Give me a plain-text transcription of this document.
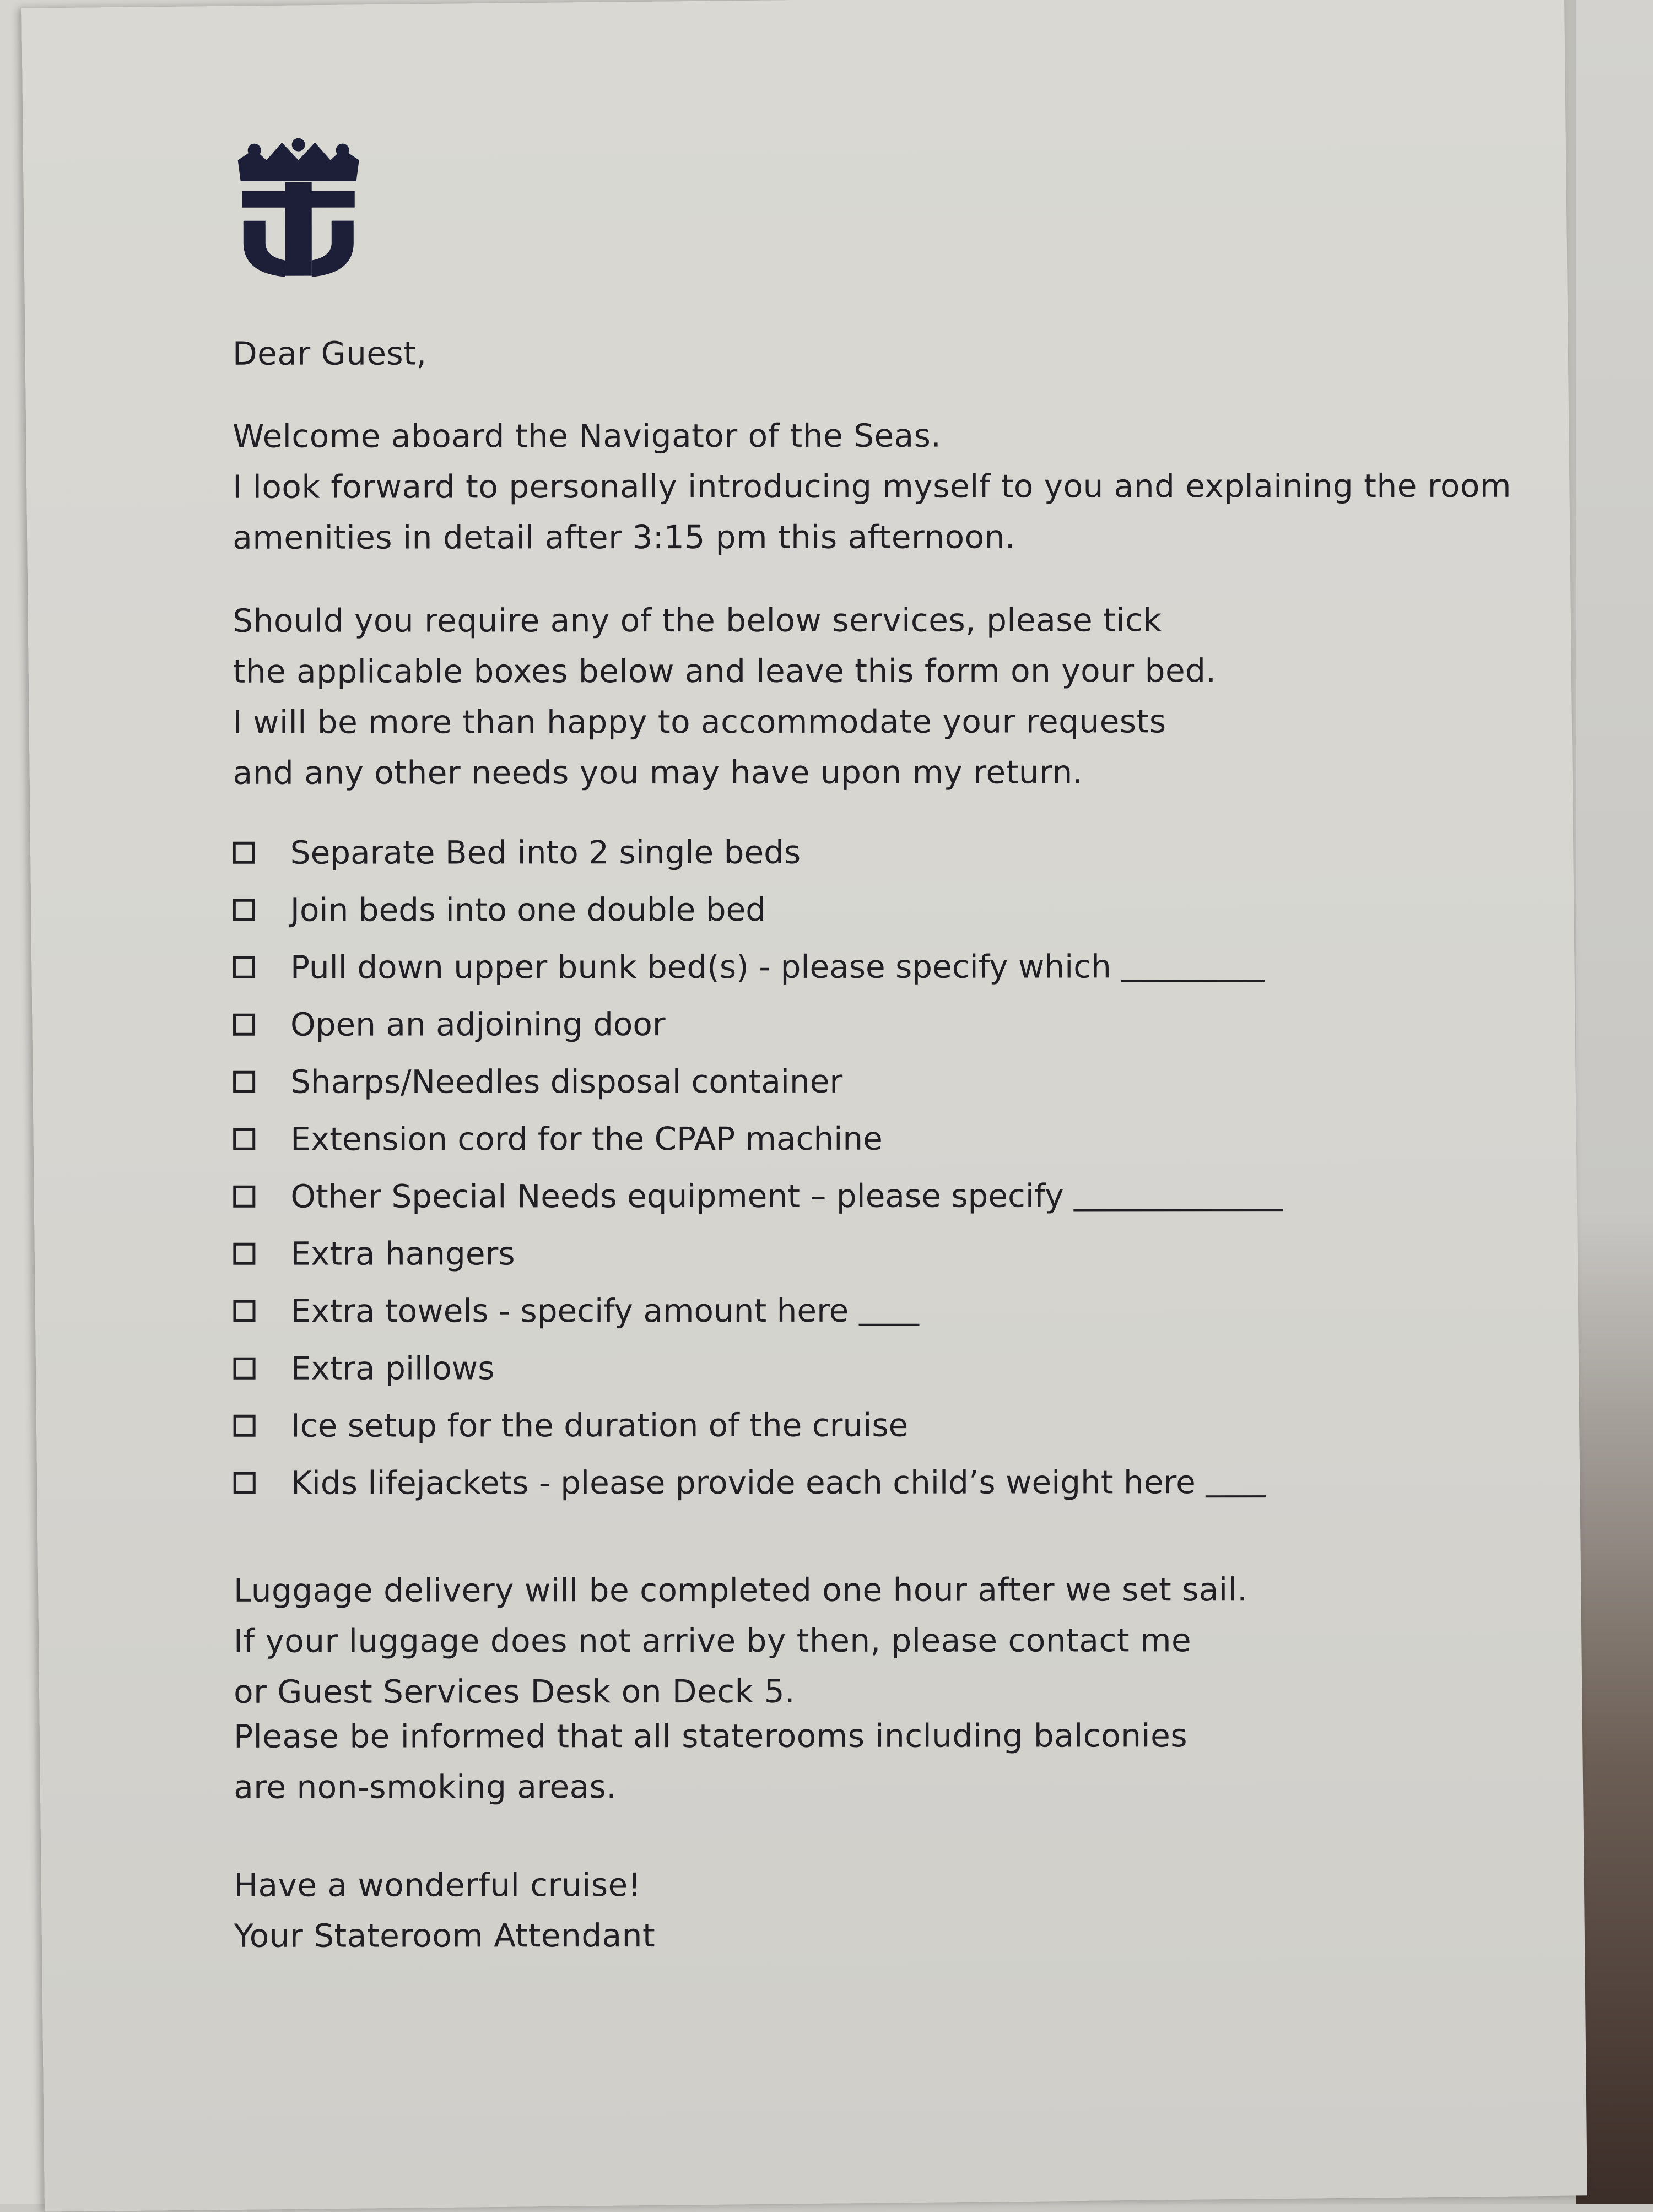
Dear Guest,
Welcome aboard the Navigator of the Seas.
I look forward to personally introducing myself to you and explaining the room
amenities in detail after 3:15 pm this afternoon.
Should you require any of the below services, please tick
the applicable boxes below and leave this form on your bed.
I will be more than happy to accommodate your requests
and any other needs you may have upon my return.
Separate Bed into 2 single beds
Join beds into one double bed
Pull down upper bunk bed(s) - please specify which
Open an adjoining door
Sharps/Needles disposal container
Extension cord for the CPAP machine
Other Special Needs equipment – please specify
Extra hangers
Extra towels - specify amount here
Extra pillows
Ice setup for the duration of the cruise
Kids lifejackets - please provide each child’s weight here
Luggage delivery will be completed one hour after we set sail.
If your luggage does not arrive by then, please contact me
or Guest Services Desk on Deck 5.
Please be informed that all staterooms including balconies
are non-smoking areas.
Have a wonderful cruise!
Your Stateroom Attendant
